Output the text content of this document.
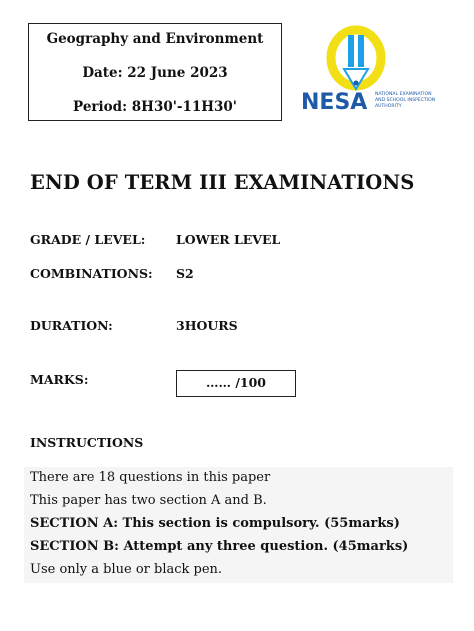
Geography and Environment
Date: 22 June 2023
Period: 8H30'-11H30'	NESA NATIONAL EXAMINATION
AND SCHOOL INSPECTION
AUTHORITY
END OF TERM III EXAMINATIONS
GRADE / LEVEL: LOWER LEVEL
COMBINATIONS: S2
DURATION:	3HOURS
MARKS:	…… /100
INSTRUCTIONS
There are 18 questions in this paper
This paper has two section A and B.
SECTION A: This section is compulsory. (55marks)
SECTION B: Attempt any three question. (45marks)
Use only a blue or black pen.
